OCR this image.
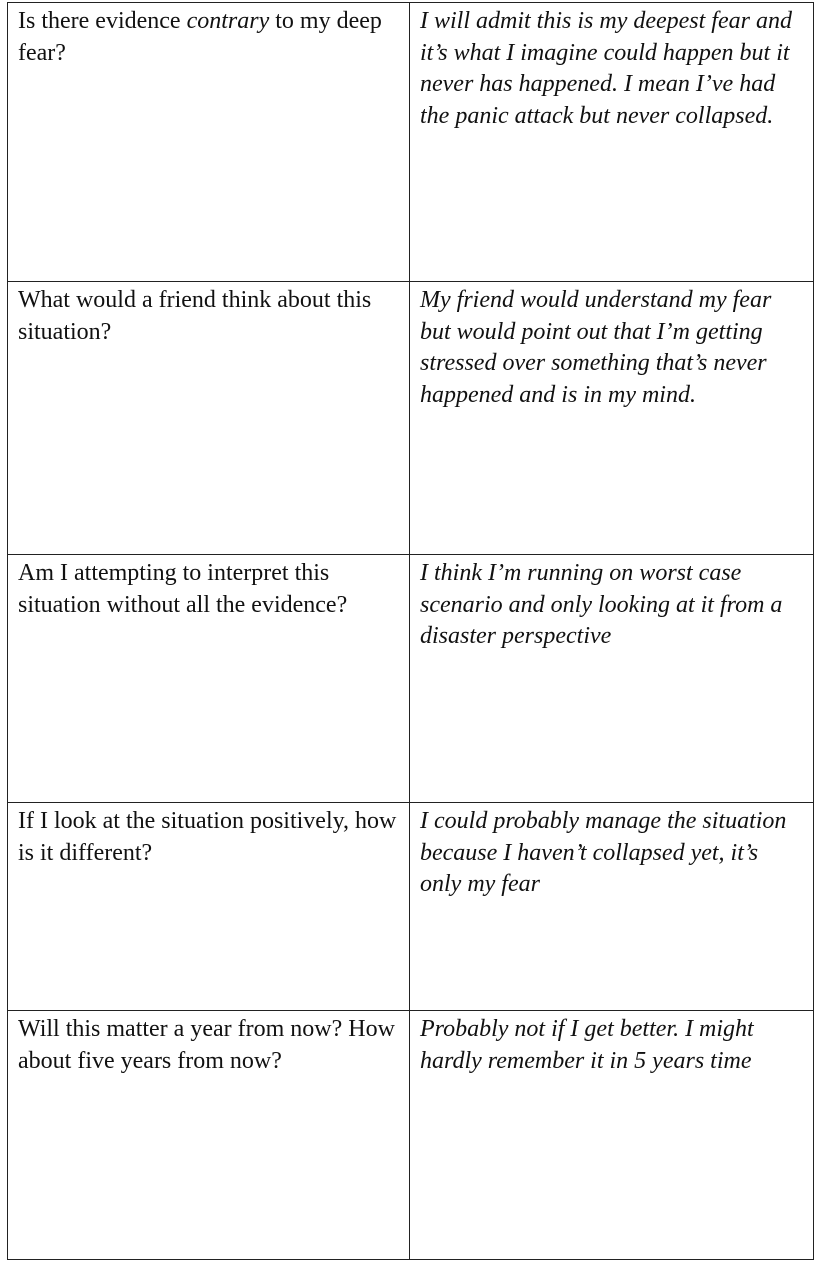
Is there evidence contrary to my deep fear?	I will admit this is my deepest fear and it’s what I imagine could happen but it never has happened. I mean I’ve had the panic attack but never collapsed.
What would a friend think about this situation?	My friend would understand my fear but would point out that I’m getting stressed over something that’s never happened and is in my mind.
Am I attempting to interpret this situation without all the evidence?	I think I’m running on worst case scenario and only looking at it from a disaster perspective
If I look at the situation positively, how is it different?	I could probably manage the situation because I haven’t collapsed yet, it’s only my fear
Will this matter a year from now? How about five years from now?	Probably not if I get better. I might hardly remember it in 5 years time
